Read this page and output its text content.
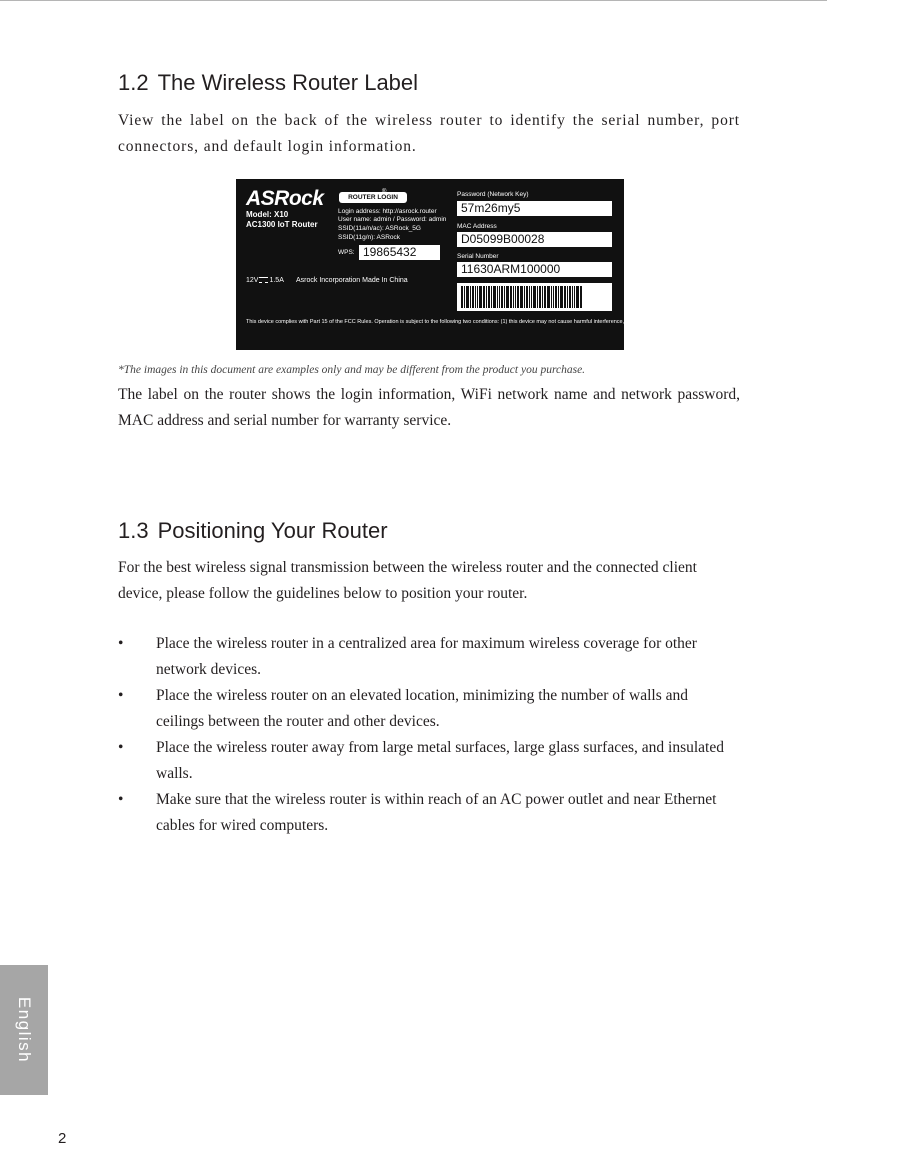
1.2 The Wireless Router Label

View the label on the back of the wireless router to identify the serial number, port connectors, and default login information.

ASRock
Model: X10
AC1300 IoT Router
ROUTER LOGIN
Login address: http://asrock.router
User name: admin / Password: admin
SSID(11a/n/ac): ASRock_5G
SSID(11g/n): ASRock
WPS: 19865432
Password (Network Key)
57m26my5
MAC Address
D05099B00028
Serial Number
11630ARM100000
12V 1.5A Asrock Incorporation Made In China
This device complies with Part 15 of the FCC Rules. Operation is subject to the following two conditions: (1) this device may not cause harmful interference, and (2) this device must accept any interference received, including interference that may cause undesired operation.

*The images in this document are examples only and may be different from the product you purchase.

The label on the router shows the login information, WiFi network name and network password, MAC address and serial number for warranty service.

1.3 Positioning Your Router

For the best wireless signal transmission between the wireless router and the connected client device, please follow the guidelines below to position your router.

• Place the wireless router in a centralized area for maximum wireless coverage for other network devices.
• Place the wireless router on an elevated location, minimizing the number of walls and ceilings between the router and other devices.
• Place the wireless router away from large metal surfaces, large glass surfaces, and insulated walls.
• Make sure that the wireless router is within reach of an AC power outlet and near Ethernet cables for wired computers.
English

2
